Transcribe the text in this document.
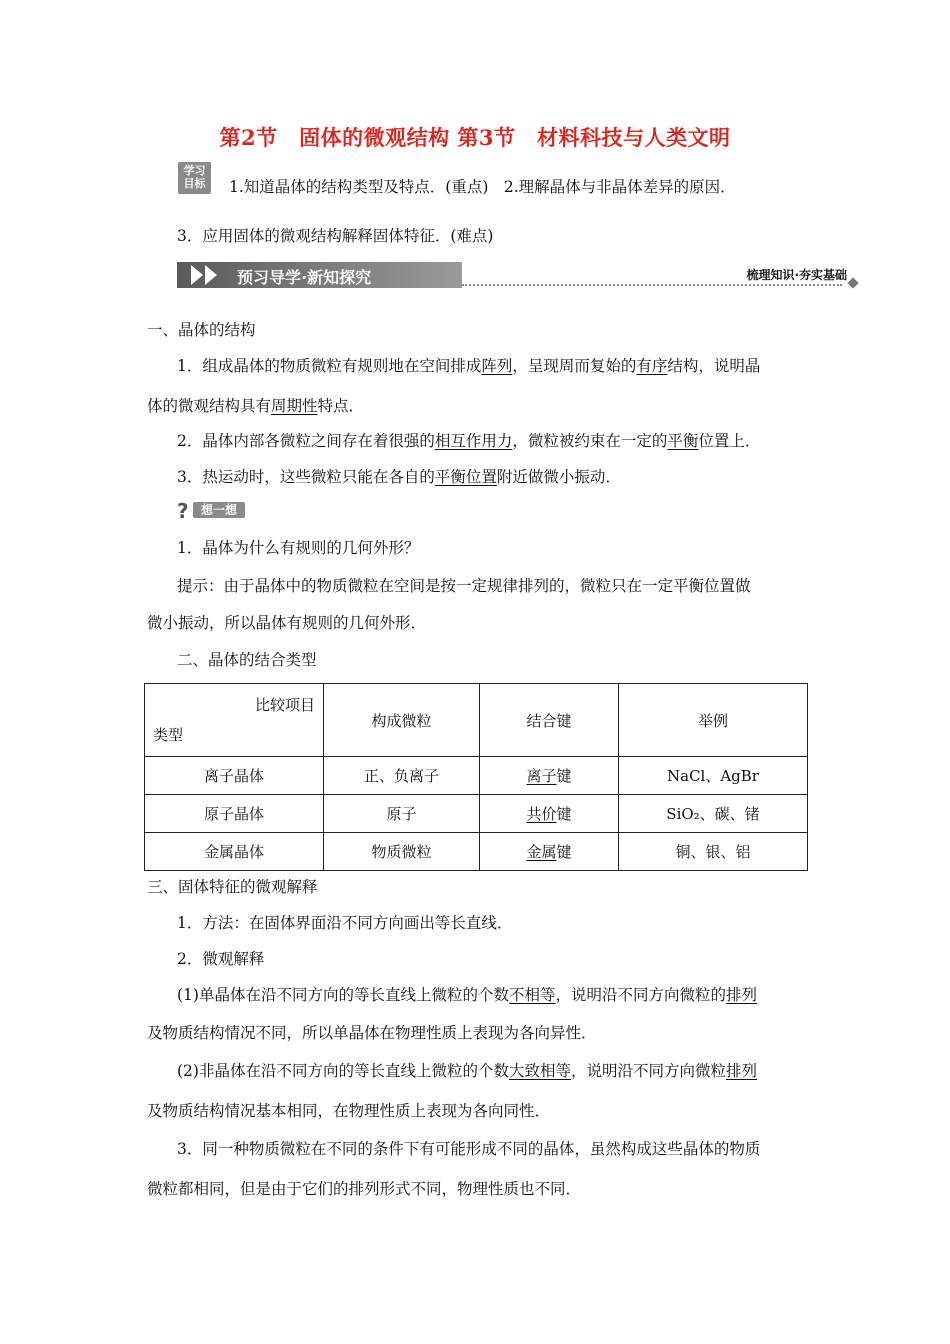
第2节　固体的微观结构 第3节　材料科技与人类文明
学习
目标	1.知道晶体的结构类型及特点．(重点)　2.理解晶体与非晶体差异的原因．
3．应用固体的微观结构解释固体特征．(难点)
预习导学·新知探究	梳理知识·夯实基础
一、晶体的结构
1．组成晶体的物质微粒有规则地在空间排成阵列，呈现周而复始的有序结构，说明晶
体的微观结构具有周期性特点．
2．晶体内部各微粒之间存在着很强的相互作用力，微粒被约束在一定的平衡位置上．
3．热运动时，这些微粒只能在各自的平衡位置附近做微小振动．
?	想一想
1．晶体为什么有规则的几何外形？
提示：由于晶体中的物质微粒在空间是按一定规律排列的，微粒只在一定平衡位置做
微小振动，所以晶体有规则的几何外形．
二、晶体的结合类型
比较项目
类型	构成微粒	结合键	举例
离子晶体	正、负离子	离子键	NaCl、AgBr
原子晶体	原子	共价键	SiO₂、碳、锗
金属晶体	物质微粒	金属键	铜、银、铝
三、固体特征的微观解释
1．方法：在固体界面沿不同方向画出等长直线．
2．微观解释
(1)单晶体在沿不同方向的等长直线上微粒的个数不相等，说明沿不同方向微粒的排列
及物质结构情况不同，所以单晶体在物理性质上表现为各向异性．
(2)非晶体在沿不同方向的等长直线上微粒的个数大致相等，说明沿不同方向微粒排列
及物质结构情况基本相同，在物理性质上表现为各向同性．
3．同一种物质微粒在不同的条件下有可能形成不同的晶体，虽然构成这些晶体的物质
微粒都相同，但是由于它们的排列形式不同，物理性质也不同．
